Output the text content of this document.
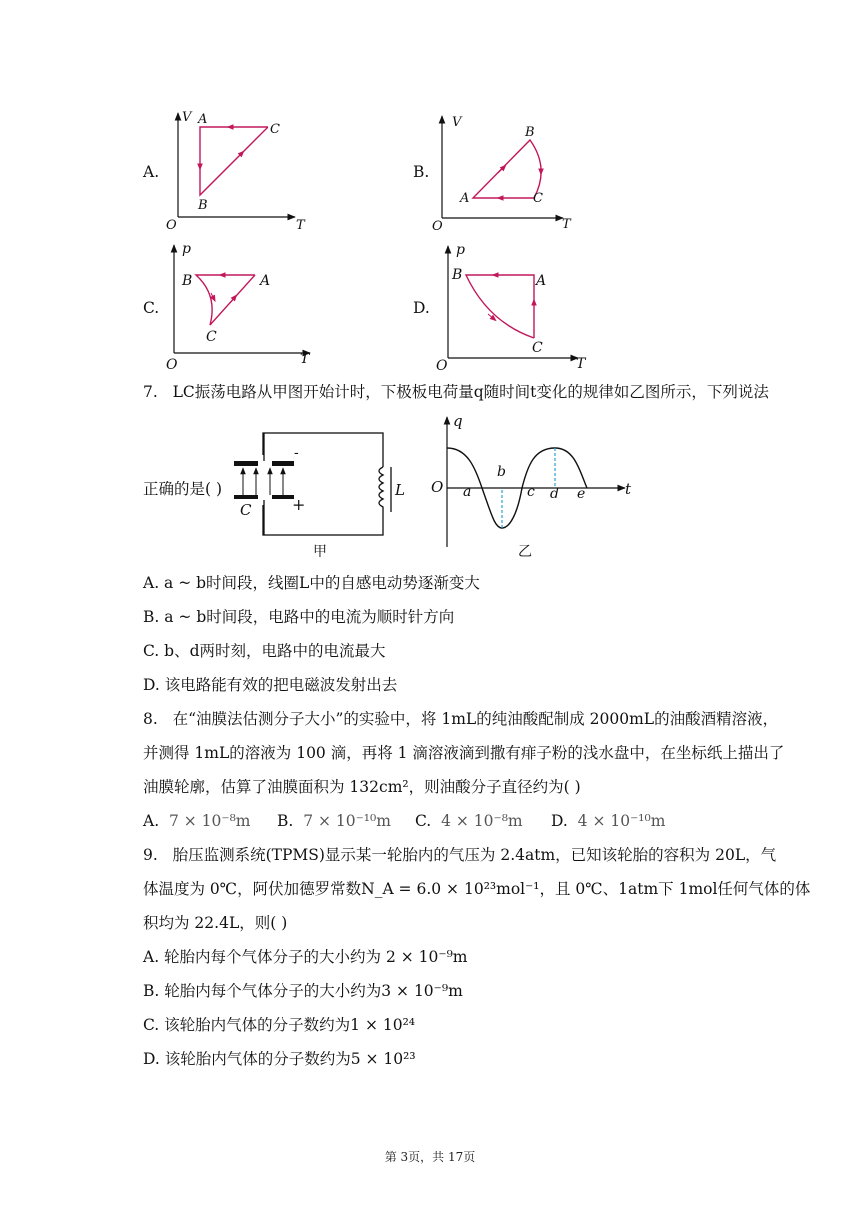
A.
V
T
O
A
B
C
B.
V
T
O
A
B
C
C.
p
T
O
A
B
C
D.
p
T
O
A
B
C
7. LC振荡电路从甲图开始计时，下极板电荷量q随时间t变化的规律如乙图所示，下列说法
正确的是( )
-
+
C
L
甲
q
t
O a
b
c d e
乙
A. a ~ b时间段，线圈L中的自感电动势逐渐变大
B. a ~ b时间段，电路中的电流为顺时针方向
C. b、d两时刻，电路中的电流最大
D. 该电路能有效的把电磁波发射出去
8. 在“油膜法估测分子大小”的实验中，将 1mL的纯油酸配制成 2000mL的油酸酒精溶液，
并测得 1mL的溶液为 100 滴，再将 1 滴溶液滴到撒有痱子粉的浅水盘中，在坐标纸上描出了
油膜轮廓，估算了油膜面积为 132cm²，则油酸分子直径约为( )
A. 7 × 10⁻⁸m B. 7 × 10⁻¹⁰m C. 4 × 10⁻⁸m D. 4 × 10⁻¹⁰m
9. 胎压监测系统(TPMS)显示某一轮胎内的气压为 2.4atm，已知该轮胎的容积为 20L，气
体温度为 0℃，阿伏加德罗常数N_A = 6.0 × 10²³mol⁻¹，且 0℃、1atm下 1mol任何气体的体
积均为 22.4L，则( )
A. 轮胎内每个气体分子的大小约为 2 × 10⁻⁹m
B. 轮胎内每个气体分子的大小约为3 × 10⁻⁹m
C. 该轮胎内气体的分子数约为1 × 10²⁴
D. 该轮胎内气体的分子数约为5 × 10²³
第 3页，共 17页
